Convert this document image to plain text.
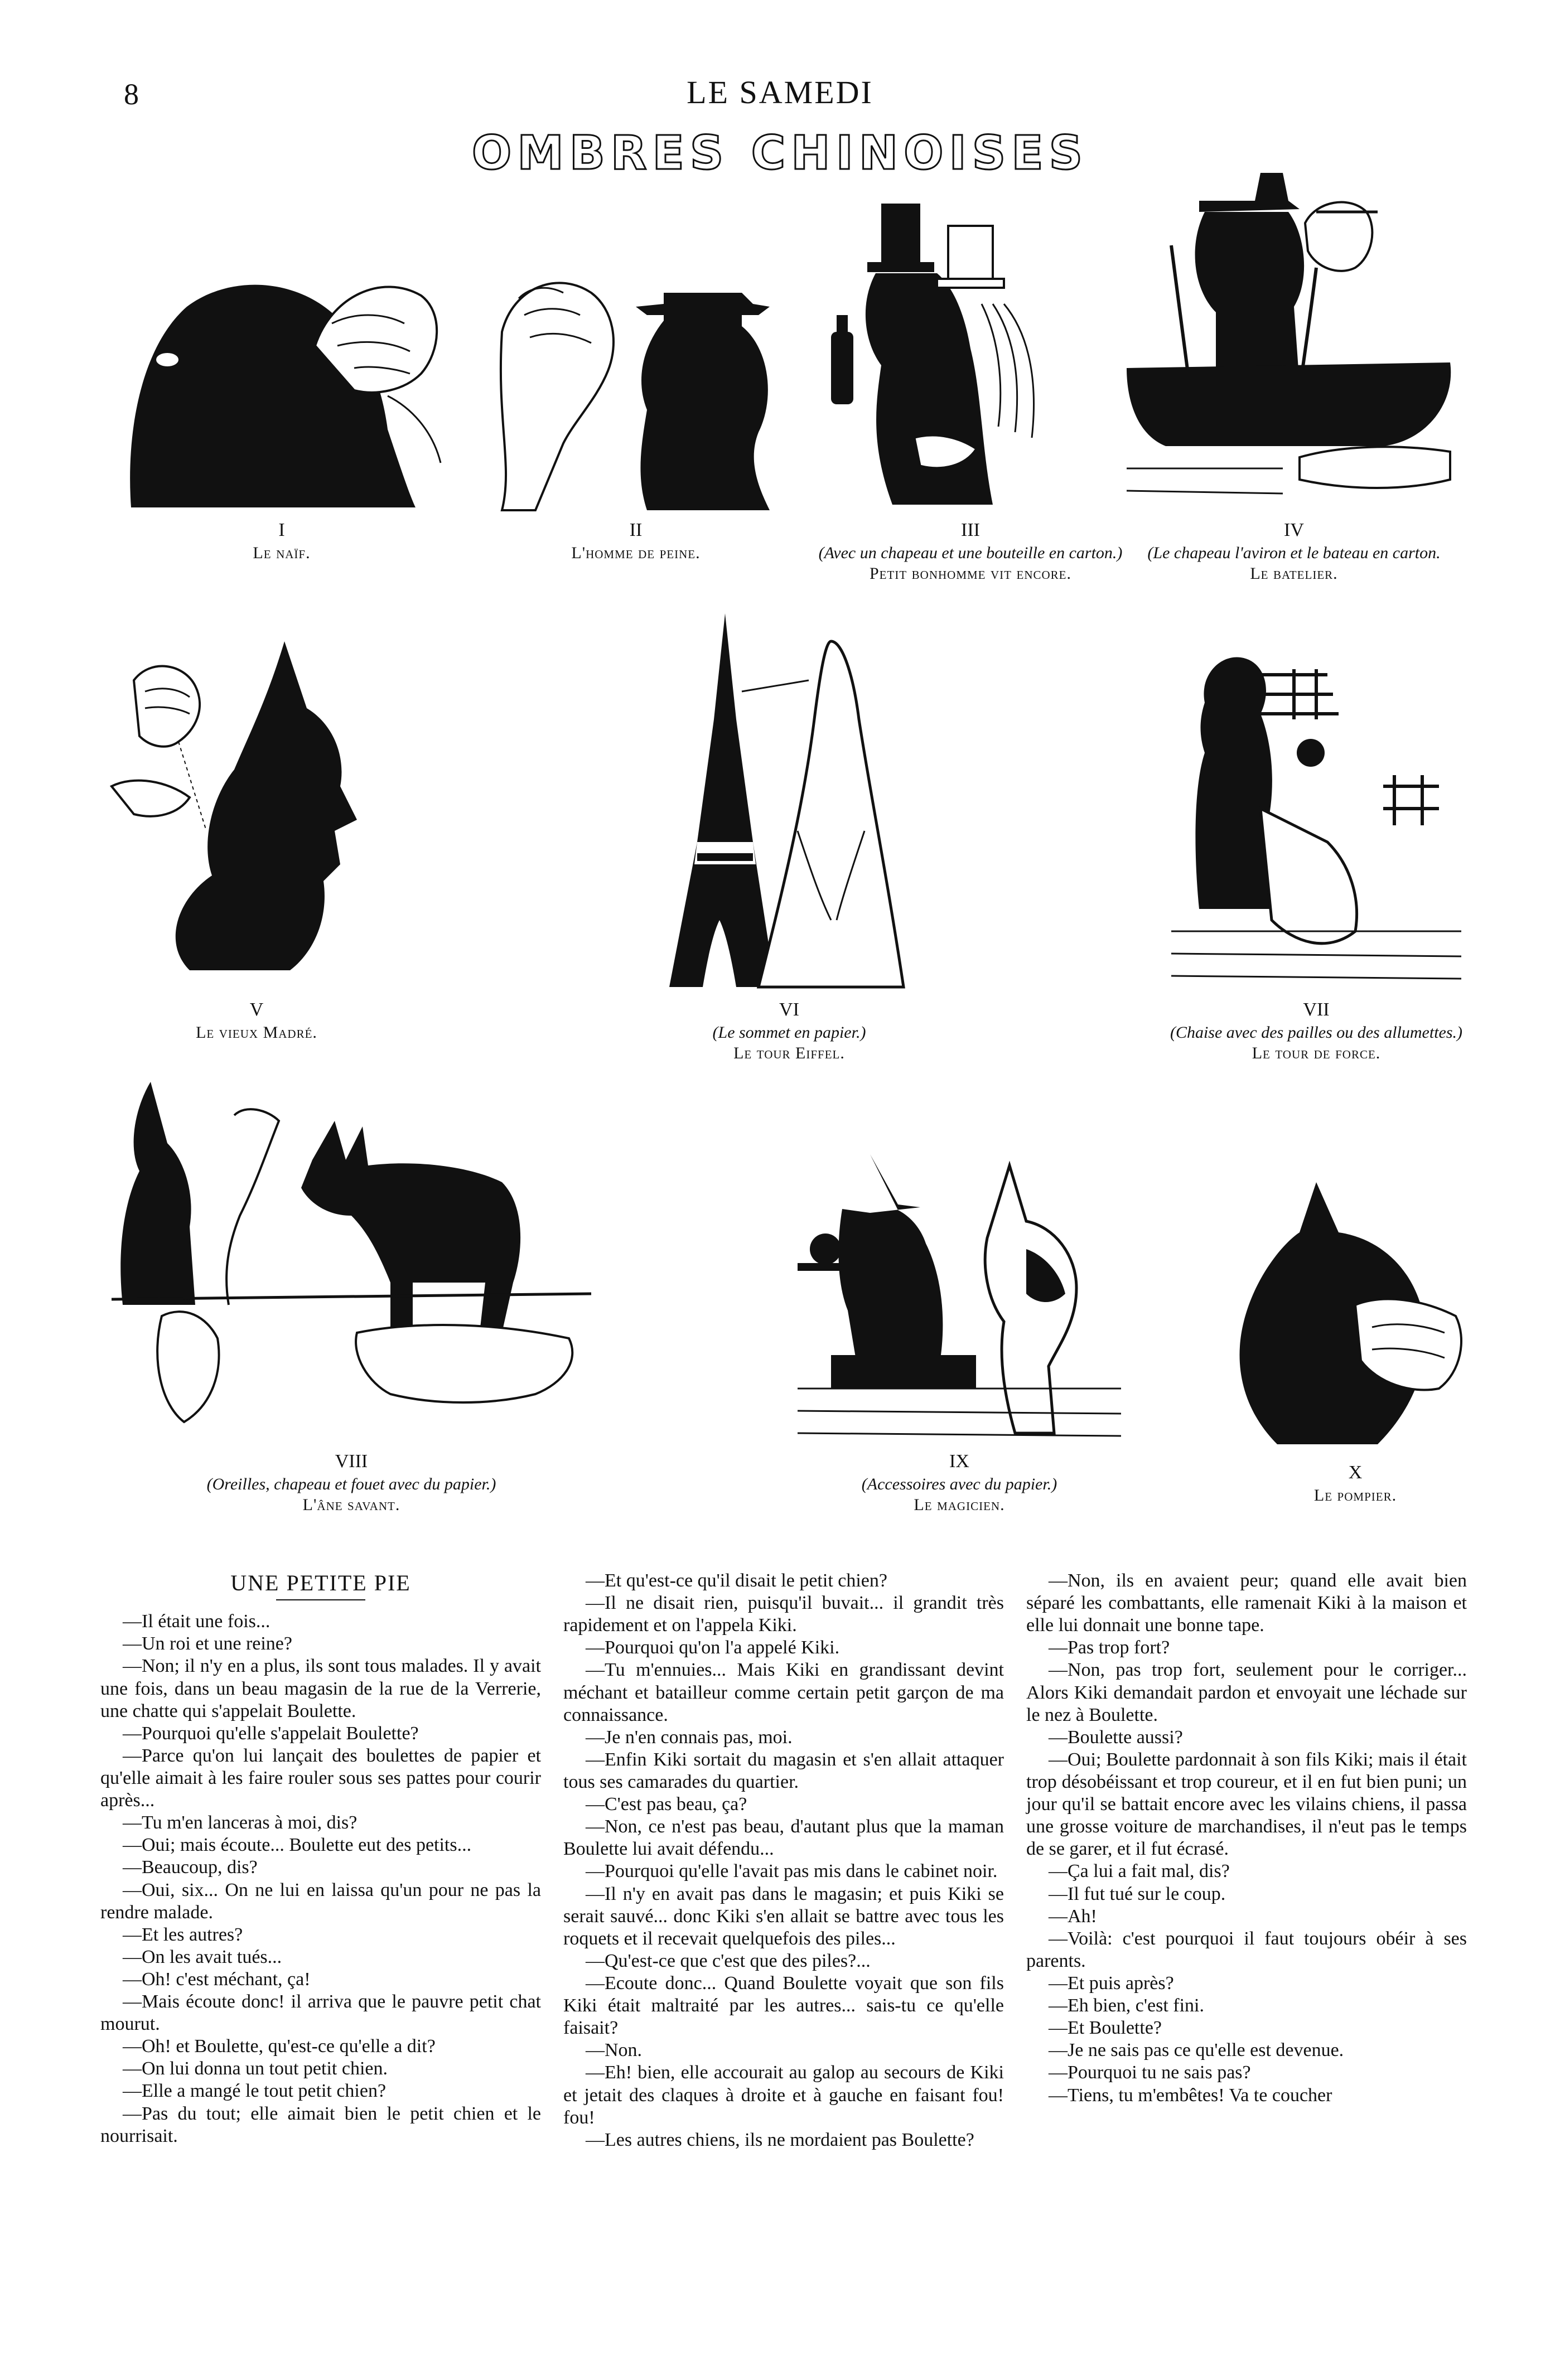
8	LE SAMEDI
OMBRES CHINOISES
I
Le naïf.
II
L'homme de peine.
III
(Avec un chapeau et une bouteille en carton.)
Petit bonhomme vit encore.
IV
(Le chapeau l'aviron et le bateau en carton.
Le batelier.
V
Le vieux Madré.
VI
(Le sommet en papier.)
Le tour Eiffel.
VII
(Chaise avec des pailles ou des allumettes.)
Le tour de force.
VIII
(Oreilles, chapeau et fouet avec du papier.)
L'âne savant.
IX
(Accessoires avec du papier.)
Le magicien.
X
Le pompier.

UNE PETITE PIE

—Il était une fois...

—Un roi et une reine?

—Non; il n'y en a plus, ils sont tous malades. Il y avait une fois, dans un beau magasin de la rue de la Verrerie, une chatte qui s'appelait Boulette.

—Pourquoi qu'elle s'appelait Boulette?

—Parce qu'on lui lançait des boulettes de papier et qu'elle aimait à les faire rouler sous ses pattes pour courir après...

—Tu m'en lanceras à moi, dis?

—Oui; mais écoute... Boulette eut des petits...

—Beaucoup, dis?

—Oui, six... On ne lui en laissa qu'un pour ne pas la rendre malade.

—Et les autres?

—On les avait tués...

—Oh! c'est méchant, ça!

—Mais écoute donc! il arriva que le pauvre petit chat mourut.

—Oh! et Boulette, qu'est-ce qu'elle a dit?

—On lui donna un tout petit chien.

—Elle a mangé le tout petit chien?

—Pas du tout; elle aimait bien le petit chien et le nourrisait.

—Et qu'est-ce qu'il disait le petit chien?

—Il ne disait rien, puisqu'il buvait... il grandit très rapidement et on l'appela Kiki.

—Pourquoi qu'on l'a appelé Kiki.

—Tu m'ennuies... Mais Kiki en grandissant devint méchant et batailleur comme certain petit garçon de ma connaissance.

—Je n'en connais pas, moi.

—Enfin Kiki sortait du magasin et s'en allait attaquer tous ses camarades du quartier.

—C'est pas beau, ça?

—Non, ce n'est pas beau, d'autant plus que la maman Boulette lui avait défendu...

—Pourquoi qu'elle l'avait pas mis dans le cabinet noir.

—Il n'y en avait pas dans le magasin; et puis Kiki se serait sauvé... donc Kiki s'en allait se battre avec tous les roquets et il recevait quelquefois des piles...

—Qu'est-ce que c'est que des piles?...

—Ecoute donc... Quand Boulette voyait que son fils Kiki était maltraité par les autres... sais-tu ce qu'elle faisait?

—Non.

—Eh! bien, elle accourait au galop au secours de Kiki et jetait des claques à droite et à gauche en faisant fou! fou!

—Les autres chiens, ils ne mordaient pas Boulette?

—Non, ils en avaient peur; quand elle avait bien séparé les combattants, elle ramenait Kiki à la maison et elle lui donnait une bonne tape.

—Pas trop fort?

—Non, pas trop fort, seulement pour le corriger... Alors Kiki demandait pardon et envoyait une léchade sur le nez à Boulette.

—Boulette aussi?

—Oui; Boulette pardonnait à son fils Kiki; mais il était trop désobéissant et trop coureur, et il en fut bien puni; un jour qu'il se battait encore avec les vilains chiens, il passa une grosse voiture de marchandises, il n'eut pas le temps de se garer, et il fut écrasé.

—Ça lui a fait mal, dis?

—Il fut tué sur le coup.

—Ah!

—Voilà: c'est pourquoi il faut toujours obéir à ses parents.

—Et puis après?

—Eh bien, c'est fini.

—Et Boulette?

—Je ne sais pas ce qu'elle est devenue.

—Pourquoi tu ne sais pas?

—Tiens, tu m'embêtes! Va te coucher
